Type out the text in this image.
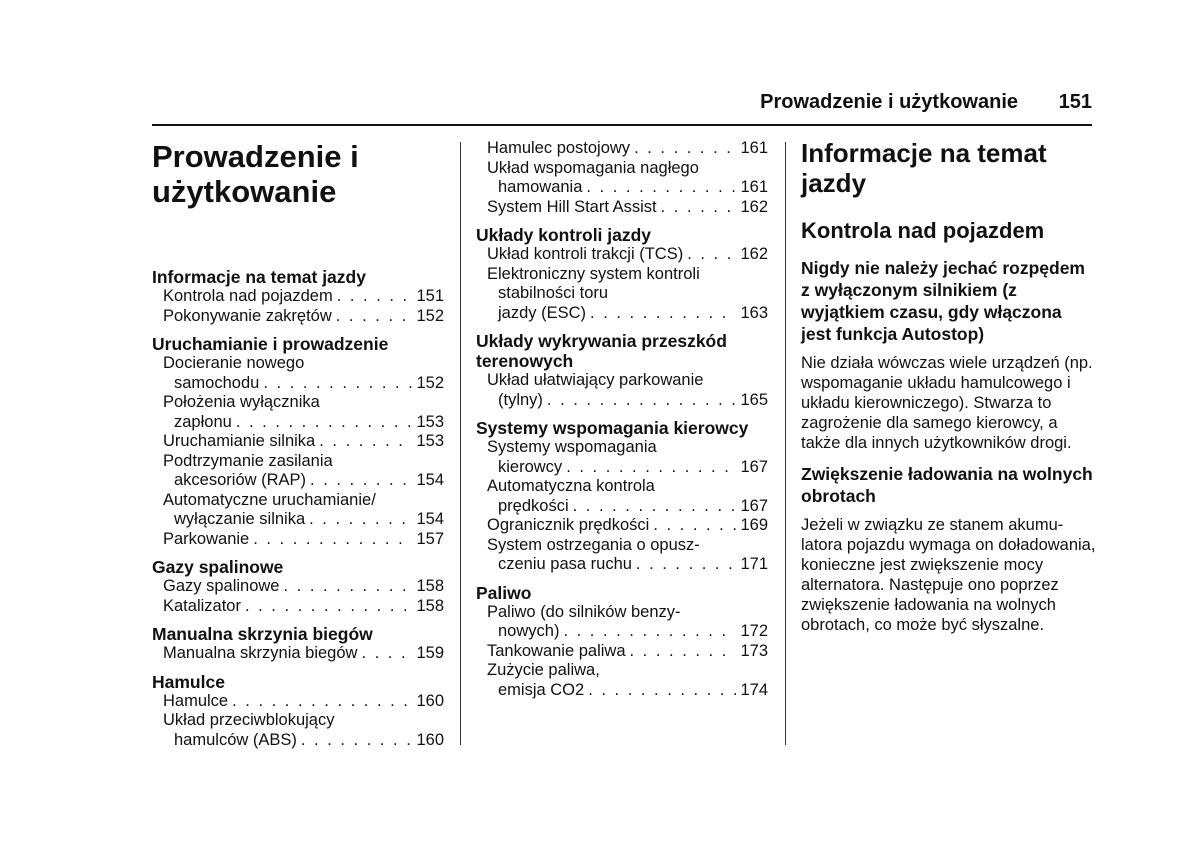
Prowadzenie i użytkowanie 151
Prowadzenie i
użytkowanie
Informacje na temat jazdy
Kontrola nad pojazdem . . .	151
Pokonywanie zakrętów . . .	152
Uruchamianie i prowadzenie
Docieranie nowego
samochodu . . .	152
Położenia wyłącznika
zapłonu . . .	153
Uruchamianie silnika . . .	153
Podtrzymanie zasilania
akcesoriów (RAP) . . .	154
Automatyczne uruchamianie/
wyłączanie silnika . . .	154
Parkowanie . . .	157
Gazy spalinowe
Gazy spalinowe . . .	158
Katalizator . . .	158
Manualna skrzynia biegów
Manualna skrzynia biegów . . .	159
Hamulce
Hamulce . . .	160
Układ przeciwblokujący
hamulców (ABS) . . .	160
Hamulec postojowy . . .	161
Układ wspomagania nagłego
hamowania . . .	161
System Hill Start Assist . . .	162
Układy kontroli jazdy
Układ kontroli trakcji (TCS) . . .	162
Elektroniczny system kontroli
stabilności toru
jazdy (ESC) . . .	163
Układy wykrywania przeszkód terenowych
Układ ułatwiający parkowanie
(tylny) . . .	165
Systemy wspomagania kierowcy
Systemy wspomagania
kierowcy . . .	167
Automatyczna kontrola
prędkości . . .	167
Ogranicznik prędkości . . .	169
System ostrzegania o opusz-
czeniu pasa ruchu . . .	171
Paliwo
Paliwo (do silników benzy-
nowych) . . .	172
Tankowanie paliwa . . .	173
Zużycie paliwa,
emisja CO2 . . .	174
Informacje na temat jazdy
Kontrola nad pojazdem
Nigdy nie należy jechać rozpędem z wyłączonym silnikiem (z wyjątkiem czasu, gdy włączona jest funkcja Autostop)
Nie działa wówczas wiele urządzeń (np. wspomaganie układu hamulcowego i układu kierowniczego). Stwarza to zagrożenie dla samego kierowcy, a także dla innych użytkowników drogi.
Zwiększenie ładowania na wolnych obrotach
Jeżeli w związku ze stanem akumulatora pojazdu wymaga on doładowania, konieczne jest zwiększenie mocy alternatora. Następuje ono poprzez zwiększenie ładowania na wolnych obrotach, co może być słyszalne.
